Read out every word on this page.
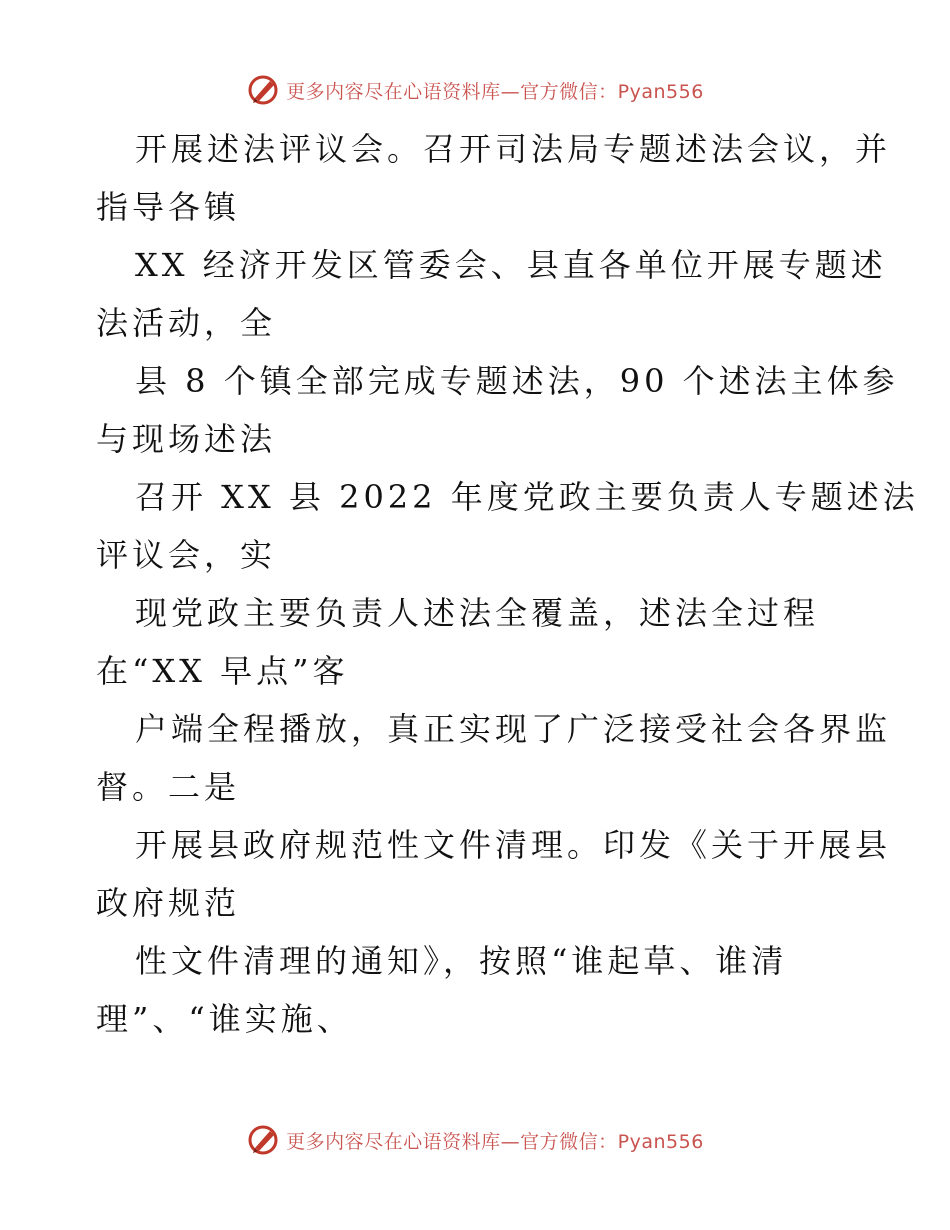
更多内容尽在心语资料库—官方微信：Pyan556
开展述法评议会。召开司法局专题述法会议，并
指导各镇
XX 经济开发区管委会、县直各单位开展专题述
法活动，全
县 8 个镇全部完成专题述法，90 个述法主体参
与现场述法
召开 XX 县 2022 年度党政主要负责人专题述法
评议会，实
现党政主要负责人述法全覆盖，述法全过程
在“XX 早点”客
户端全程播放，真正实现了广泛接受社会各界监
督。二是
开展县政府规范性文件清理。印发《关于开展县
政府规范
性文件清理的通知》，按照“谁起草、谁清
理”、“谁实施、
更多内容尽在心语资料库—官方微信：Pyan556
